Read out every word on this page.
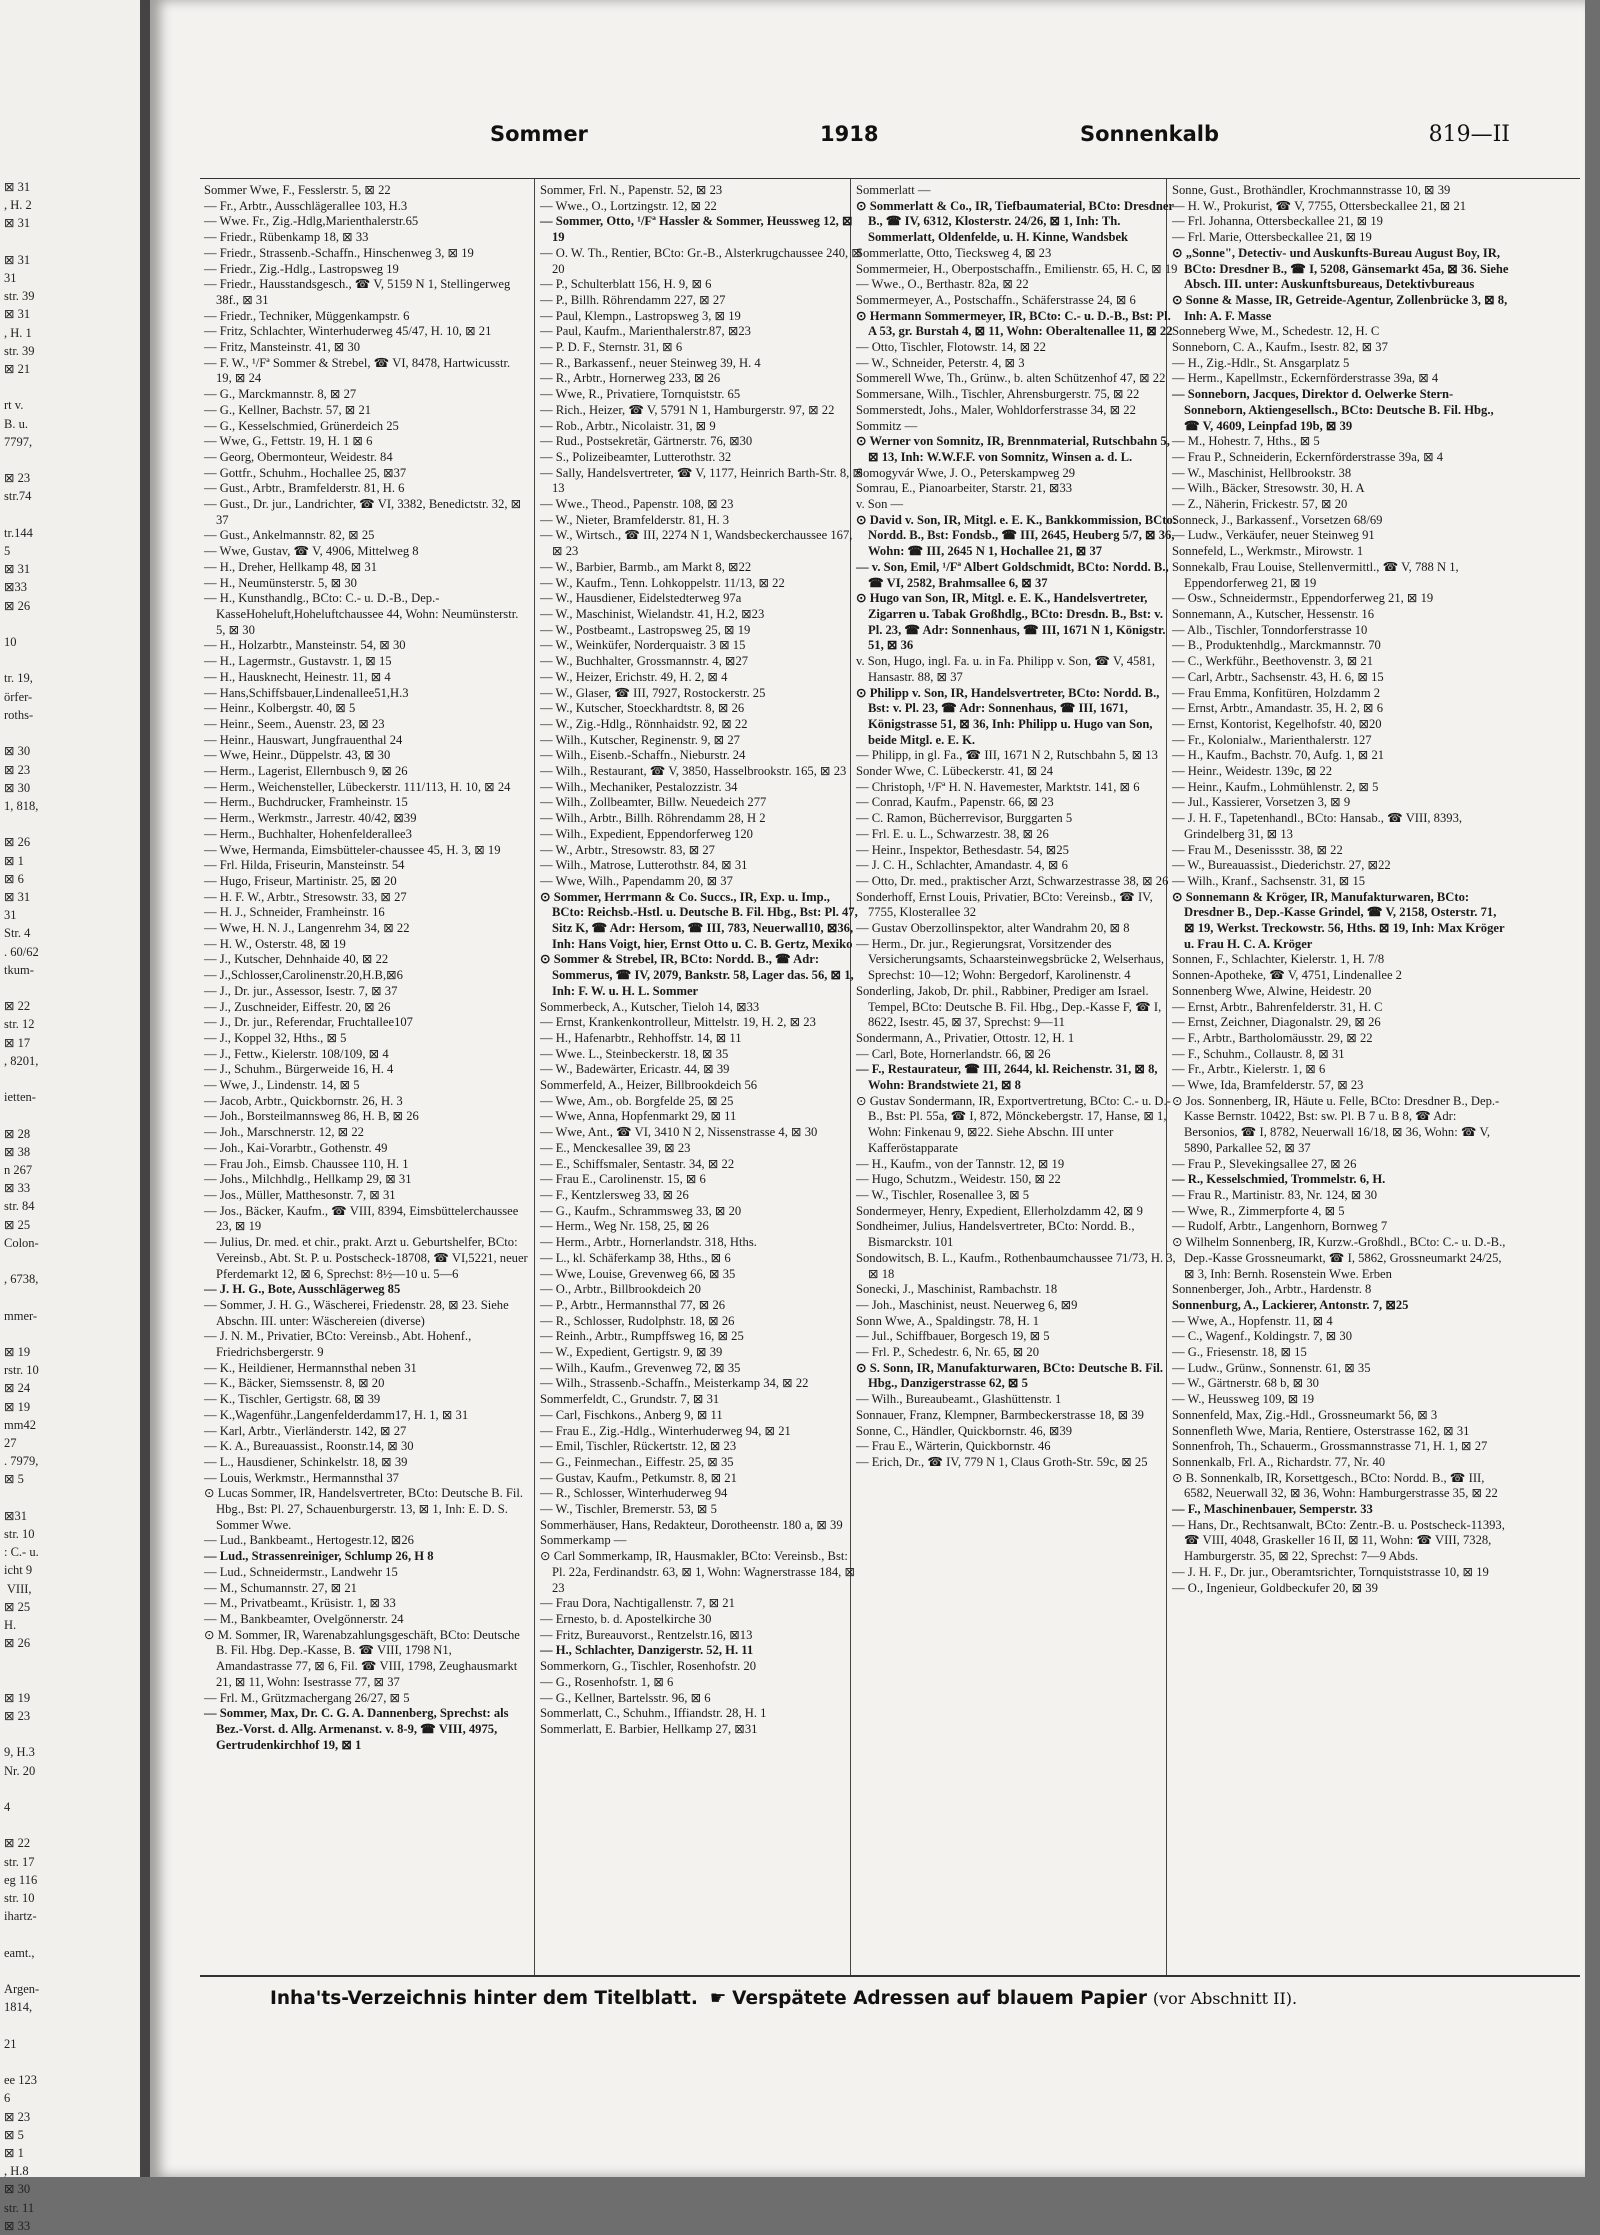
⊠ 31
, H. 2
⊠ 31

⊠ 31
31
str. 39
⊠ 31
, H. 1
str. 39
⊠ 21

rt v.
B. u.
7797,

⊠ 23
str.74

tr.144
5
⊠ 31
⊠33
⊠ 26

10

tr. 19,
örfer-
roths-

⊠ 30
⊠ 23
⊠ 30
1, 818,

⊠ 26
⊠ 1
⊠ 6
⊠ 31
31
Str. 4
. 60/62
tkum-

⊠ 22
str. 12
⊠ 17
, 8201,

ietten-

⊠ 28
⊠ 38
n 267
⊠ 33
str. 84
⊠ 25
Colon-

, 6738,

mmer-

⊠ 19
rstr. 10
⊠ 24
⊠ 19
mm42
27
. 7979,
⊠ 5

⊠31
str. 10
: C.- u.
icht 9
VIII,
⊠ 25
H.
⊠ 26

⊠ 19
⊠ 23

9, H.3
Nr. 20

4

⊠ 22
str. 17
eg 116
str. 10
ihartz-

eamt.,

Argen-
1814,

21

ee 123
6
⊠ 23
⊠ 5
⊠ 1
, H.8
⊠ 30
str. 11
⊠ 33
Sommer	1918	Sonnenkalb	819—II
Sommer Wwe, F., Fesslerstr. 5, ⊠ 22
— Fr., Arbtr., Ausschlägerallee 103, H.3
— Wwe. Fr., Zig.-Hdlg,Marienthalerstr.65
— Friedr., Rübenkamp 18, ⊠ 33
— Friedr., Strassenb.-Schaffn., Hinschenweg 3, ⊠ 19
— Friedr., Zig.-Hdlg., Lastropsweg 19
— Friedr., Hausstandsgesch., ☎ V, 5159 N 1, Stellingerweg 38f., ⊠ 31
— Friedr., Techniker, Müggenkampstr. 6
— Fritz, Schlachter, Winterhuderweg 45/47, H. 10, ⊠ 21
— Fritz, Mansteinstr. 41, ⊠ 30
— F. W., ¹/Fª Sommer & Strebel, ☎ VI, 8478, Hartwicusstr. 19, ⊠ 24
— G., Marckmannstr. 8, ⊠ 27
— G., Kellner, Bachstr. 57, ⊠ 21
— G., Kesselschmied, Grünerdeich 25
— Wwe, G., Fettstr. 19, H. 1 ⊠ 6
— Georg, Obermonteur, Weidestr. 84
— Gottfr., Schuhm., Hochallee 25, ⊠37
— Gust., Arbtr., Bramfelderstr. 81, H. 6
— Gust., Dr. jur., Landrichter, ☎ VI, 3382, Benedictstr. 32, ⊠ 37
— Gust., Ankelmannstr. 82, ⊠ 25
— Wwe, Gustav, ☎ V, 4906, Mittelweg 8
— H., Dreher, Hellkamp 48, ⊠ 31
— H., Neumünsterstr. 5, ⊠ 30
— H., Kunsthandlg., BCto: C.- u. D.-B., Dep.-KasseHoheluft,Hoheluftchaussee 44, Wohn: Neumünsterstr. 5, ⊠ 30
— H., Holzarbtr., Mansteinstr. 54, ⊠ 30
— H., Lagermstr., Gustavstr. 1, ⊠ 15
— H., Hausknecht, Heinestr. 11, ⊠ 4
— Hans,Schiffsbauer,Lindenallee51,H.3
— Heinr., Kolbergstr. 40, ⊠ 5
— Heinr., Seem., Auenstr. 23, ⊠ 23
— Heinr., Hauswart, Jungfrauenthal 24
— Wwe, Heinr., Düppelstr. 43, ⊠ 30
— Herm., Lagerist, Ellernbusch 9, ⊠ 26
— Herm., Weichensteller, Lübeckerstr. 111/113, H. 10, ⊠ 24
— Herm., Buchdrucker, Framheinstr. 15
— Herm., Werkmstr., Jarrestr. 40/42, ⊠39
— Herm., Buchhalter, Hohenfelderallee3
— Wwe, Hermanda, Eimsbütteler-chaussee 45, H. 3, ⊠ 19
— Frl. Hilda, Friseurin, Mansteinstr. 54
— Hugo, Friseur, Martinistr. 25, ⊠ 20
— H. F. W., Arbtr., Stresowstr. 33, ⊠ 27
— H. J., Schneider, Framheinstr. 16
— Wwe, H. N. J., Langenrehm 34, ⊠ 22
— H. W., Osterstr. 48, ⊠ 19
— J., Kutscher, Dehnhaide 40, ⊠ 22
— J.,Schlosser,Carolinenstr.20,H.B,⊠6
— J., Dr. jur., Assessor, Isestr. 7, ⊠ 37
— J., Zuschneider, Eiffestr. 20, ⊠ 26
— J., Dr. jur., Referendar, Fruchtallee107
— J., Koppel 32, Hths., ⊠ 5
— J., Fettw., Kielerstr. 108/109, ⊠ 4
— J., Schuhm., Bürgerweide 16, H. 4
— Wwe, J., Lindenstr. 14, ⊠ 5
— Jacob, Arbtr., Quickbornstr. 26, H. 3
— Joh., Borsteilmannsweg 86, H. B, ⊠ 26
— Joh., Marschnerstr. 12, ⊠ 22
— Joh., Kai-Vorarbtr., Gothenstr. 49
— Frau Joh., Eimsb. Chaussee 110, H. 1
— Johs., Milchhdlg., Hellkamp 29, ⊠ 31
— Jos., Müller, Matthesonstr. 7, ⊠ 31
— Jos., Bäcker, Kaufm., ☎ VIII, 8394, Eimsbüttelerchaussee 23, ⊠ 19
— Julius, Dr. med. et chir., prakt. Arzt u. Geburtshelfer, BCto: Vereinsb., Abt. St. P. u. Postscheck-18708, ☎ VI,5221, neuer Pferdemarkt 12, ⊠ 6, Sprechst: 8½—10 u. 5—6
— J. H. G., Bote, Ausschlägerweg 85
— Sommer, J. H. G., Wäscherei, Friedenstr. 28, ⊠ 23. Siehe Abschn. III. unter: Wäschereien (diverse)
— J. N. M., Privatier, BCto: Vereinsb., Abt. Hohenf., Friedrichsbergerstr. 9
— K., Heildiener, Hermannsthal neben 31
— K., Bäcker, Siemssenstr. 8, ⊠ 20
— K., Tischler, Gertigstr. 68, ⊠ 39
— K.,Wagenführ.,Langenfelderdamm17, H. 1, ⊠ 31
— Karl, Arbtr., Vierländerstr. 142, ⊠ 27
— K. A., Bureauassist., Roonstr.14, ⊠ 30
— L., Hausdiener, Schinkelstr. 18, ⊠ 39
— Louis, Werkmstr., Hermannsthal 37
⊙ Lucas Sommer, IR, Handelsvertreter, BCto: Deutsche B. Fil. Hbg., Bst: Pl. 27, Schauenburgerstr. 13, ⊠ 1, Inh: E. D. S. Sommer Wwe.
— Lud., Bankbeamt., Hertogestr.12, ⊠26
— Lud., Strassenreiniger, Schlump 26, H 8
— Lud., Schneidermstr., Landwehr 15
— M., Schumannstr. 27, ⊠ 21
— M., Privatbeamt., Krüsistr. 1, ⊠ 33
— M., Bankbeamter, Ovelgönnerstr. 24
⊙ M. Sommer, IR, Warenabzahlungsgeschäft, BCto: Deutsche B. Fil. Hbg. Dep.-Kasse, B. ☎ VIII, 1798 N1, Amandastrasse 77, ⊠ 6, Fil. ☎ VIII, 1798, Zeughausmarkt 21, ⊠ 11, Wohn: Isestrasse 77, ⊠ 37
— Frl. M., Grützmachergang 26/27, ⊠ 5
— Sommer, Max, Dr. C. G. A. Dannenberg, Sprechst: als Bez.-Vorst. d. Allg. Armenanst. v. 8-9, ☎ VIII, 4975, Gertrudenkirchhof 19, ⊠ 1
Sommer, Frl. N., Papenstr. 52, ⊠ 23
— Wwe., O., Lortzingstr. 12, ⊠ 22
— Sommer, Otto, ¹/Fª Hassler & Sommer, Heussweg 12, ⊠ 19
— O. W. Th., Rentier, BCto: Gr.-B., Alsterkrugchaussee 240, ⊠ 20
— P., Schulterblatt 156, H. 9, ⊠ 6
— P., Billh. Röhrendamm 227, ⊠ 27
— Paul, Klempn., Lastropsweg 3, ⊠ 19
— Paul, Kaufm., Marienthalerstr.87, ⊠23
— P. D. F., Sternstr. 31, ⊠ 6
— R., Barkassenf., neuer Steinweg 39, H. 4
— R., Arbtr., Hornerweg 233, ⊠ 26
— Wwe, R., Privatiere, Tornquiststr. 65
— Rich., Heizer, ☎ V, 5791 N 1, Hamburgerstr. 97, ⊠ 22
— Rob., Arbtr., Nicolaistr. 31, ⊠ 9
— Rud., Postsekretär, Gärtnerstr. 76, ⊠30
— S., Polizeibeamter, Lutterothstr. 32
— Sally, Handelsvertreter, ☎ V, 1177, Heinrich Barth-Str. 8, ⊠ 13
— Wwe., Theod., Papenstr. 108, ⊠ 23
— W., Nieter, Bramfelderstr. 81, H. 3
— W., Wirtsch., ☎ III, 2274 N 1, Wandsbeckerchaussee 167, ⊠ 23
— W., Barbier, Barmb., am Markt 8, ⊠22
— W., Kaufm., Tenn. Lohkoppelstr. 11/13, ⊠ 22
— W., Hausdiener, Eidelstedterweg 97a
— W., Maschinist, Wielandstr. 41, H.2, ⊠23
— W., Postbeamt., Lastropsweg 25, ⊠ 19
— W., Weinküfer, Norderquaistr. 3 ⊠ 15
— W., Buchhalter, Grossmannstr. 4, ⊠27
— W., Heizer, Erichstr. 49, H. 2, ⊠ 4
— W., Glaser, ☎ III, 7927, Rostockerstr. 25
— W., Kutscher, Stoeckhardtstr. 8, ⊠ 26
— W., Zig.-Hdlg., Rönnhaidstr. 92, ⊠ 22
— Wilh., Kutscher, Reginenstr. 9, ⊠ 27
— Wilh., Eisenb.-Schaffn., Nieburstr. 24
— Wilh., Restaurant, ☎ V, 3850, Hasselbrookstr. 165, ⊠ 23
— Wilh., Mechaniker, Pestalozzistr. 34
— Wilh., Zollbeamter, Billw. Neuedeich 277
— Wilh., Arbtr., Billh. Röhrendamm 28, H 2
— Wilh., Expedient, Eppendorferweg 120
— W., Arbtr., Stresowstr. 83, ⊠ 27
— Wilh., Matrose, Lutterothstr. 84, ⊠ 31
— Wwe, Wilh., Papendamm 20, ⊠ 37
⊙ Sommer, Herrmann & Co. Succs., IR, Exp. u. Imp., BCto: Reichsb.-Hstl. u. Deutsche B. Fil. Hbg., Bst: Pl. 47, Sitz K, ☎ Adr: Hersom, ☎ III, 783, Neuerwall10, ⊠36, Inh: Hans Voigt, hier, Ernst Otto u. C. B. Gertz, Mexiko
⊙ Sommer & Strebel, IR, BCto: Nordd. B., ☎ Adr: Sommerus, ☎ IV, 2079, Bankstr. 58, Lager das. 56, ⊠ 1, Inh: F. W. u. H. L. Sommer
Sommerbeck, A., Kutscher, Tieloh 14, ⊠33
— Ernst, Krankenkontrolleur, Mittelstr. 19, H. 2, ⊠ 23
— H., Hafenarbtr., Rehhoffstr. 14, ⊠ 11
— Wwe. L., Steinbeckerstr. 18, ⊠ 35
— W., Badewärter, Ericastr. 44, ⊠ 39
Sommerfeld, A., Heizer, Billbrookdeich 56
— Wwe, Am., ob. Borgfelde 25, ⊠ 25
— Wwe, Anna, Hopfenmarkt 29, ⊠ 11
— Wwe, Ant., ☎ VI, 3410 N 2, Nissenstrasse 4, ⊠ 30
— E., Menckesallee 39, ⊠ 23
— E., Schiffsmaler, Sentastr. 34, ⊠ 22
— Frau E., Carolinenstr. 15, ⊠ 6
— F., Kentzlersweg 33, ⊠ 26
— G., Kaufm., Schrammsweg 33, ⊠ 20
— Herm., Weg Nr. 158, 25, ⊠ 26
— Herm., Arbtr., Hornerlandstr. 318, Hths.
— L., kl. Schäferkamp 38, Hths., ⊠ 6
— Wwe, Louise, Grevenweg 66, ⊠ 35
— O., Arbtr., Billbrookdeich 20
— P., Arbtr., Hermannsthal 77, ⊠ 26
— R., Schlosser, Rudolphstr. 18, ⊠ 26
— Reinh., Arbtr., Rumpffsweg 16, ⊠ 25
— W., Expedient, Gertigstr. 9, ⊠ 39
— Wilh., Kaufm., Grevenweg 72, ⊠ 35
— Wilh., Strassenb.-Schaffn., Meisterkamp 34, ⊠ 22
Sommerfeldt, C., Grundstr. 7, ⊠ 31
— Carl, Fischkons., Anberg 9, ⊠ 11
— Frau E., Zig.-Hdlg., Winterhuderweg 94, ⊠ 21
— Emil, Tischler, Rückertstr. 12, ⊠ 23
— G., Feinmechan., Eiffestr. 25, ⊠ 35
— Gustav, Kaufm., Petkumstr. 8, ⊠ 21
— R., Schlosser, Winterhuderweg 94
— W., Tischler, Bremerstr. 53, ⊠ 5
Sommerhäuser, Hans, Redakteur, Dorotheenstr. 180 a, ⊠ 39
Sommerkamp —
⊙ Carl Sommerkamp, IR, Hausmakler, BCto: Vereinsb., Bst: Pl. 22a, Ferdinandstr. 63, ⊠ 1, Wohn: Wagnerstrasse 184, ⊠ 23
— Frau Dora, Nachtigallenstr. 7, ⊠ 21
— Ernesto, b. d. Apostelkirche 30
— Fritz, Bureauvorst., Rentzelstr.16, ⊠13
— H., Schlachter, Danzigerstr. 52, H. 11
Sommerkorn, G., Tischler, Rosenhofstr. 20
— G., Rosenhofstr. 1, ⊠ 6
— G., Kellner, Bartelsstr. 96, ⊠ 6
Sommerlatt, C., Schuhm., Iffiandstr. 28, H. 1
Sommerlatt, E. Barbier, Hellkamp 27, ⊠31
Sommerlatt —
⊙ Sommerlatt & Co., IR, Tiefbaumaterial, BCto: Dresdner B., ☎ IV, 6312, Klosterstr. 24/26, ⊠ 1, Inh: Th. Sommerlatt, Oldenfelde, u. H. Kinne, Wandsbek
Sommerlatte, Otto, Tiecksweg 4, ⊠ 23
Sommermeier, H., Oberpostschaffn., Emilienstr. 65, H. C, ⊠ 19
— Wwe., O., Berthastr. 82a, ⊠ 22
Sommermeyer, A., Postschaffn., Schäferstrasse 24, ⊠ 6
⊙ Hermann Sommermeyer, IR, BCto: C.- u. D.-B., Bst: Pl. A 53, gr. Burstah 4, ⊠ 11, Wohn: Oberaltenallee 11, ⊠ 22
— Otto, Tischler, Flotowstr. 14, ⊠ 22
— W., Schneider, Peterstr. 4, ⊠ 3
Sommerell Wwe, Th., Grünw., b. alten Schützenhof 47, ⊠ 22
Sommersane, Wilh., Tischler, Ahrensburgerstr. 75, ⊠ 22
Sommerstedt, Johs., Maler, Wohldorferstrasse 34, ⊠ 22
Sommitz —
⊙ Werner von Somnitz, IR, Brennmaterial, Rutschbahn 5, ⊠ 13, Inh: W.W.F.F. von Somnitz, Winsen a. d. L.
Somogyvár Wwe, J. O., Peterskampweg 29
Somrau, E., Pianoarbeiter, Starstr. 21, ⊠33
v. Son —
⊙ David v. Son, IR, Mitgl. e. E. K., Bankkommission, BCto: Nordd. B., Bst: Fondsb., ☎ III, 2645, Heuberg 5/7, ⊠ 36, Wohn: ☎ III, 2645 N 1, Hochallee 21, ⊠ 37
— v. Son, Emil, ¹/Fª Albert Goldschmidt, BCto: Nordd. B., ☎ VI, 2582, Brahmsallee 6, ⊠ 37
⊙ Hugo van Son, IR, Mitgl. e. E. K., Handelsvertreter, Zigarren u. Tabak Großhdlg., BCto: Dresdn. B., Bst: v. Pl. 23, ☎ Adr: Sonnenhaus, ☎ III, 1671 N 1, Königstr. 51, ⊠ 36
v. Son, Hugo, ingl. Fa. u. in Fa. Philipp v. Son, ☎ V, 4581, Hansastr. 88, ⊠ 37
⊙ Philipp v. Son, IR, Handelsvertreter, BCto: Nordd. B., Bst: v. Pl. 23, ☎ Adr: Sonnenhaus, ☎ III, 1671, Königstrasse 51, ⊠ 36, Inh: Philipp u. Hugo van Son, beide Mitgl. e. E. K.
— Philipp, in gl. Fa., ☎ III, 1671 N 2, Rutschbahn 5, ⊠ 13
Sonder Wwe, C. Lübeckerstr. 41, ⊠ 24
— Christoph, ¹/Fª H. N. Havemester, Marktstr. 141, ⊠ 6
— Conrad, Kaufm., Papenstr. 66, ⊠ 23
— C. Ramon, Bücherrevisor, Burggarten 5
— Frl. E. u. L., Schwarzestr. 38, ⊠ 26
— Heinr., Inspektor, Bethesdastr. 54, ⊠25
— J. C. H., Schlachter, Amandastr. 4, ⊠ 6
— Otto, Dr. med., praktischer Arzt, Schwarzestrasse 38, ⊠ 26
Sonderhoff, Ernst Louis, Privatier, BCto: Vereinsb., ☎ IV, 7755, Klosterallee 32
— Gustav Oberzollinspektor, alter Wandrahm 20, ⊠ 8
— Herm., Dr. jur., Regierungsrat, Vorsitzender des Versicherungsamts, Schaarsteinwegsbrücke 2, Welserhaus, Sprechst: 10—12; Wohn: Bergedorf, Karolinenstr. 4
Sonderling, Jakob, Dr. phil., Rabbiner, Prediger am Israel. Tempel, BCto: Deutsche B. Fil. Hbg., Dep.-Kasse F, ☎ I, 8622, Isestr. 45, ⊠ 37, Sprechst: 9—11
Sondermann, A., Privatier, Ottostr. 12, H. 1
— Carl, Bote, Hornerlandstr. 66, ⊠ 26
— F., Restaurateur, ☎ III, 2644, kl. Reichenstr. 31, ⊠ 8, Wohn: Brandstwiete 21, ⊠ 8
⊙ Gustav Sondermann, IR, Exportvertretung, BCto: C.- u. D.-B., Bst: Pl. 55a, ☎ I, 872, Mönckebergstr. 17, Hanse, ⊠ 1, Wohn: Finkenau 9, ⊠22. Siehe Abschn. III unter Kafferöstapparate
— H., Kaufm., von der Tannstr. 12, ⊠ 19
— Hugo, Schutzm., Weidestr. 150, ⊠ 22
— W., Tischler, Rosenallee 3, ⊠ 5
Sondermeyer, Henry, Expedient, Ellerholzdamm 42, ⊠ 9
Sondheimer, Julius, Handelsvertreter, BCto: Nordd. B., Bismarckstr. 101
Sondowitsch, B. L., Kaufm., Rothenbaumchaussee 71/73, H. 3, ⊠ 18
Sonecki, J., Maschinist, Rambachstr. 18
— Joh., Maschinist, neust. Neuerweg 6, ⊠9
Sonn Wwe, A., Spaldingstr. 78, H. 1
— Jul., Schiffbauer, Borgesch 19, ⊠ 5
— Frl. P., Schedestr. 6, Nr. 65, ⊠ 20
⊙ S. Sonn, IR, Manufakturwaren, BCto: Deutsche B. Fil. Hbg., Danzigerstrasse 62, ⊠ 5
— Wilh., Bureaubeamt., Glashüttenstr. 1
Sonnauer, Franz, Klempner, Barmbeckerstrasse 18, ⊠ 39
Sonne, C., Händler, Quickbornstr. 46, ⊠39
— Frau E., Wärterin, Quickbornstr. 46
— Erich, Dr., ☎ IV, 779 N 1, Claus Groth-Str. 59c, ⊠ 25
Sonne, Gust., Brothändler, Krochmannstrasse 10, ⊠ 39
— H. W., Prokurist, ☎ V, 7755, Ottersbeckallee 21, ⊠ 21
— Frl. Johanna, Ottersbeckallee 21, ⊠ 19
— Frl. Marie, Ottersbeckallee 21, ⊠ 19
⊙ „Sonne", Detectiv- und Auskunfts-Bureau August Boy, IR, BCto: Dresdner B., ☎ I, 5208, Gänsemarkt 45a, ⊠ 36. Siehe Absch. III. unter: Auskunftsbureaus, Detektivbureaus
⊙ Sonne & Masse, IR, Getreide-Agentur, Zollenbrücke 3, ⊠ 8, Inh: A. F. Masse
Sonneberg Wwe, M., Schedestr. 12, H. C
Sonneborn, C. A., Kaufm., Isestr. 82, ⊠ 37
— H., Zig.-Hdlr., St. Ansgarplatz 5
— Herm., Kapellmstr., Eckernförderstrasse 39a, ⊠ 4
— Sonneborn, Jacques, Direktor d. Oelwerke Stern-Sonneborn, Aktiengesellsch., BCto: Deutsche B. Fil. Hbg., ☎ V, 4609, Leinpfad 19b, ⊠ 39
— M., Hohestr. 7, Hths., ⊠ 5
— Frau P., Schneiderin, Eckernförderstrasse 39a, ⊠ 4
— W., Maschinist, Hellbrookstr. 38
— Wilh., Bäcker, Stresowstr. 30, H. A
— Z., Näherin, Frickestr. 57, ⊠ 20
Sonneck, J., Barkassenf., Vorsetzen 68/69
— Ludw., Verkäufer, neuer Steinweg 91
Sonnefeld, L., Werkmstr., Mirowstr. 1
Sonnekalb, Frau Louise, Stellenvermittl., ☎ V, 788 N 1, Eppendorferweg 21, ⊠ 19
— Osw., Schneidermstr., Eppendorferweg 21, ⊠ 19
Sonnemann, A., Kutscher, Hessenstr. 16
— Alb., Tischler, Tonndorferstrasse 10
— B., Produktenhdlg., Marckmannstr. 70
— C., Werkführ., Beethovenstr. 3, ⊠ 21
— Carl, Arbtr., Sachsenstr. 43, H. 6, ⊠ 15
— Frau Emma, Konfitüren, Holzdamm 2
— Ernst, Arbtr., Amandastr. 35, H. 2, ⊠ 6
— Ernst, Kontorist, Kegelhofstr. 40, ⊠20
— Fr., Kolonialw., Marienthalerstr. 127
— H., Kaufm., Bachstr. 70, Aufg. 1, ⊠ 21
— Heinr., Weidestr. 139c, ⊠ 22
— Heinr., Kaufm., Lohmühlenstr. 2, ⊠ 5
— Jul., Kassierer, Vorsetzen 3, ⊠ 9
— J. H. F., Tapetenhandl., BCto: Hansab., ☎ VIII, 8393, Grindelberg 31, ⊠ 13
— Frau M., Desenissstr. 38, ⊠ 22
— W., Bureauassist., Diederichstr. 27, ⊠22
— Wilh., Kranf., Sachsenstr. 31, ⊠ 15
⊙ Sonnemann & Kröger, IR, Manufakturwaren, BCto: Dresdner B., Dep.-Kasse Grindel, ☎ V, 2158, Osterstr. 71, ⊠ 19, Werkst. Treckowstr. 56, Hths. ⊠ 19, Inh: Max Kröger u. Frau H. C. A. Kröger
Sonnen, F., Schlachter, Kielerstr. 1, H. 7/8
Sonnen-Apotheke, ☎ V, 4751, Lindenallee 2
Sonnenberg Wwe, Alwine, Heidestr. 20
— Ernst, Arbtr., Bahrenfelderstr. 31, H. C
— Ernst, Zeichner, Diagonalstr. 29, ⊠ 26
— F., Arbtr., Bartholomäusstr. 29, ⊠ 22
— F., Schuhm., Collaustr. 8, ⊠ 31
— Fr., Arbtr., Kielerstr. 1, ⊠ 6
— Wwe, Ida, Bramfelderstr. 57, ⊠ 23
⊙ Jos. Sonnenberg, IR, Häute u. Felle, BCto: Dresdner B., Dep.-Kasse Bernstr. 10422, Bst: sw. Pl. B 7 u. B 8, ☎ Adr: Bersonios, ☎ I, 8782, Neuerwall 16/18, ⊠ 36, Wohn: ☎ V, 5890, Parkallee 52, ⊠ 37
— Frau P., Slevekingsallee 27, ⊠ 26
— R., Kesselschmied, Trommelstr. 6, H.
— Frau R., Martinistr. 83, Nr. 124, ⊠ 30
— Wwe, R., Zimmerpforte 4, ⊠ 5
— Rudolf, Arbtr., Langenhorn, Bornweg 7
⊙ Wilhelm Sonnenberg, IR, Kurzw.-Großhdl., BCto: C.- u. D.-B., Dep.-Kasse Grossneumarkt, ☎ I, 5862, Grossneumarkt 24/25, ⊠ 3, Inh: Bernh. Rosenstein Wwe. Erben
Sonnenberger, Joh., Arbtr., Hardenstr. 8
Sonnenburg, A., Lackierer, Antonstr. 7, ⊠25
— Wwe, A., Hopfenstr. 11, ⊠ 4
— C., Wagenf., Koldingstr. 7, ⊠ 30
— G., Friesenstr. 18, ⊠ 15
— Ludw., Grünw., Sonnenstr. 61, ⊠ 35
— W., Gärtnerstr. 68 b, ⊠ 30
— W., Heussweg 109, ⊠ 19
Sonnenfeld, Max, Zig.-Hdl., Grossneumarkt 56, ⊠ 3
Sonnenfleth Wwe, Maria, Rentiere, Osterstrasse 162, ⊠ 31
Sonnenfroh, Th., Schauerm., Grossmannstrasse 71, H. 1, ⊠ 27
Sonnenkalb, Frl. A., Richardstr. 77, Nr. 40
⊙ B. Sonnenkalb, IR, Korsettgesch., BCto: Nordd. B., ☎ III, 6582, Neuerwall 32, ⊠ 36, Wohn: Hamburgerstrasse 35, ⊠ 22
— F., Maschinenbauer, Semperstr. 33
— Hans, Dr., Rechtsanwalt, BCto: Zentr.-B. u. Postscheck-11393, ☎ VIII, 4048, Graskeller 16 II, ⊠ 11, Wohn: ☎ VIII, 7328, Hamburgerstr. 35, ⊠ 22, Sprechst: 7—9 Abds.
— J. H. F., Dr. jur., Oberamtsrichter, Tornquiststrasse 10, ⊠ 19
— O., Ingenieur, Goldbeckufer 20, ⊠ 39
Inha'ts-Verzeichnis hinter dem Titelblatt. ☛ Verspätete Adressen auf blauem Papier (vor Abschnitt II).
